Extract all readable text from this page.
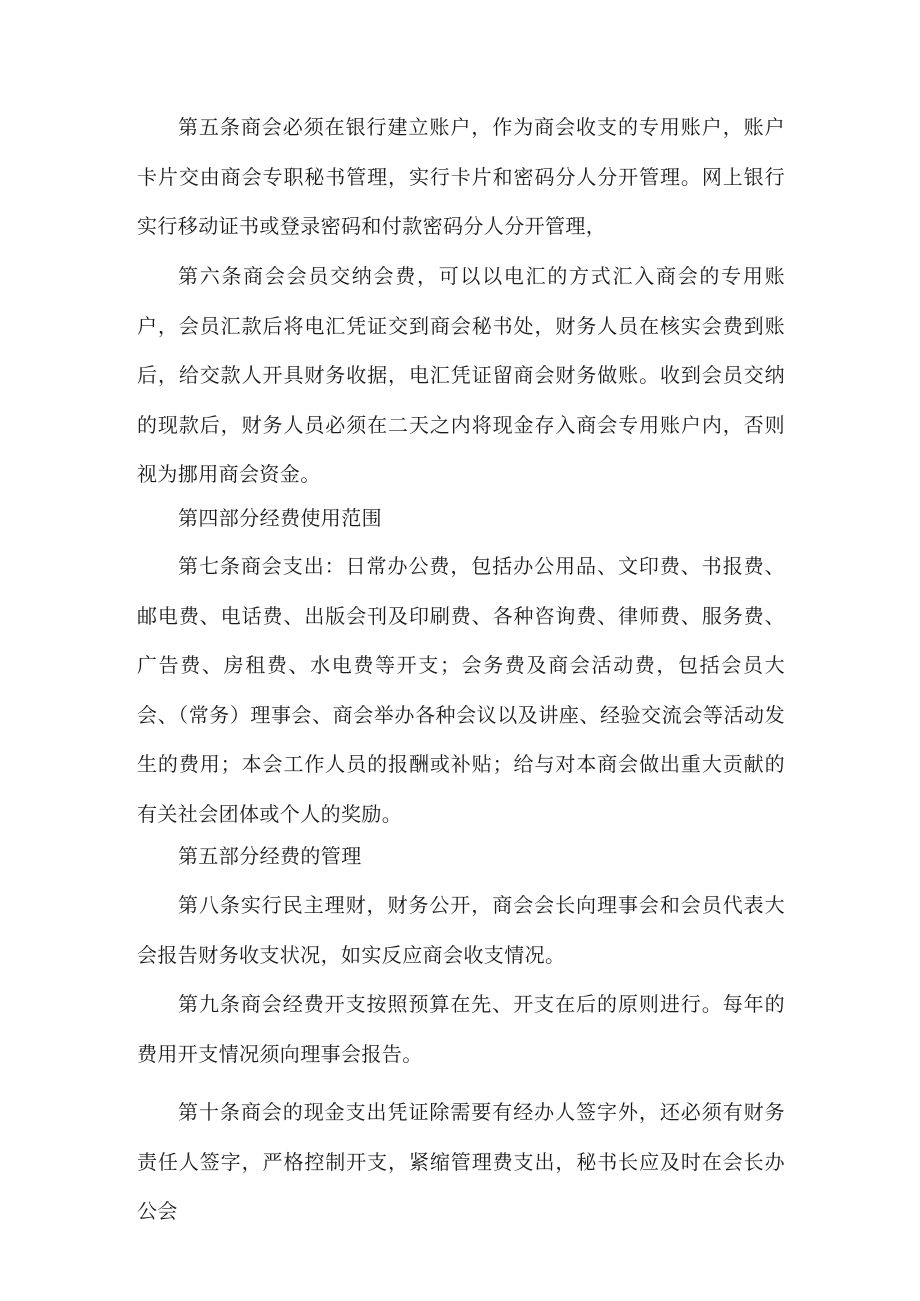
第五条商会必须在银行建立账户，作为商会收支的专用账户，账户卡片交由商会专职秘书管理，实行卡片和密码分人分开管理。网上银行实行移动证书或登录密码和付款密码分人分开管理，

第六条商会会员交纳会费，可以以电汇的方式汇入商会的专用账户，会员汇款后将电汇凭证交到商会秘书处，财务人员在核实会费到账后，给交款人开具财务收据，电汇凭证留商会财务做账。收到会员交纳的现款后，财务人员必须在二天之内将现金存入商会专用账户内，否则视为挪用商会资金。

第四部分经费使用范围

第七条商会支出：日常办公费，包括办公用品、文印费、书报费、邮电费、电话费、出版会刊及印刷费、各种咨询费、律师费、服务费、广告费、房租费、水电费等开支；会务费及商会活动费，包括会员大会、（常务）理事会、商会举办各种会议以及讲座、经验交流会等活动发生的费用；本会工作人员的报酬或补贴；给与对本商会做出重大贡献的有关社会团体或个人的奖励。

第五部分经费的管理

第八条实行民主理财，财务公开，商会会长向理事会和会员代表大会报告财务收支状况，如实反应商会收支情况。

第九条商会经费开支按照预算在先、开支在后的原则进行。每年的费用开支情况须向理事会报告。

第十条商会的现金支出凭证除需要有经办人签字外，还必须有财务责任人签字，严格控制开支，紧缩管理费支出，秘书长应及时在会长办公会
